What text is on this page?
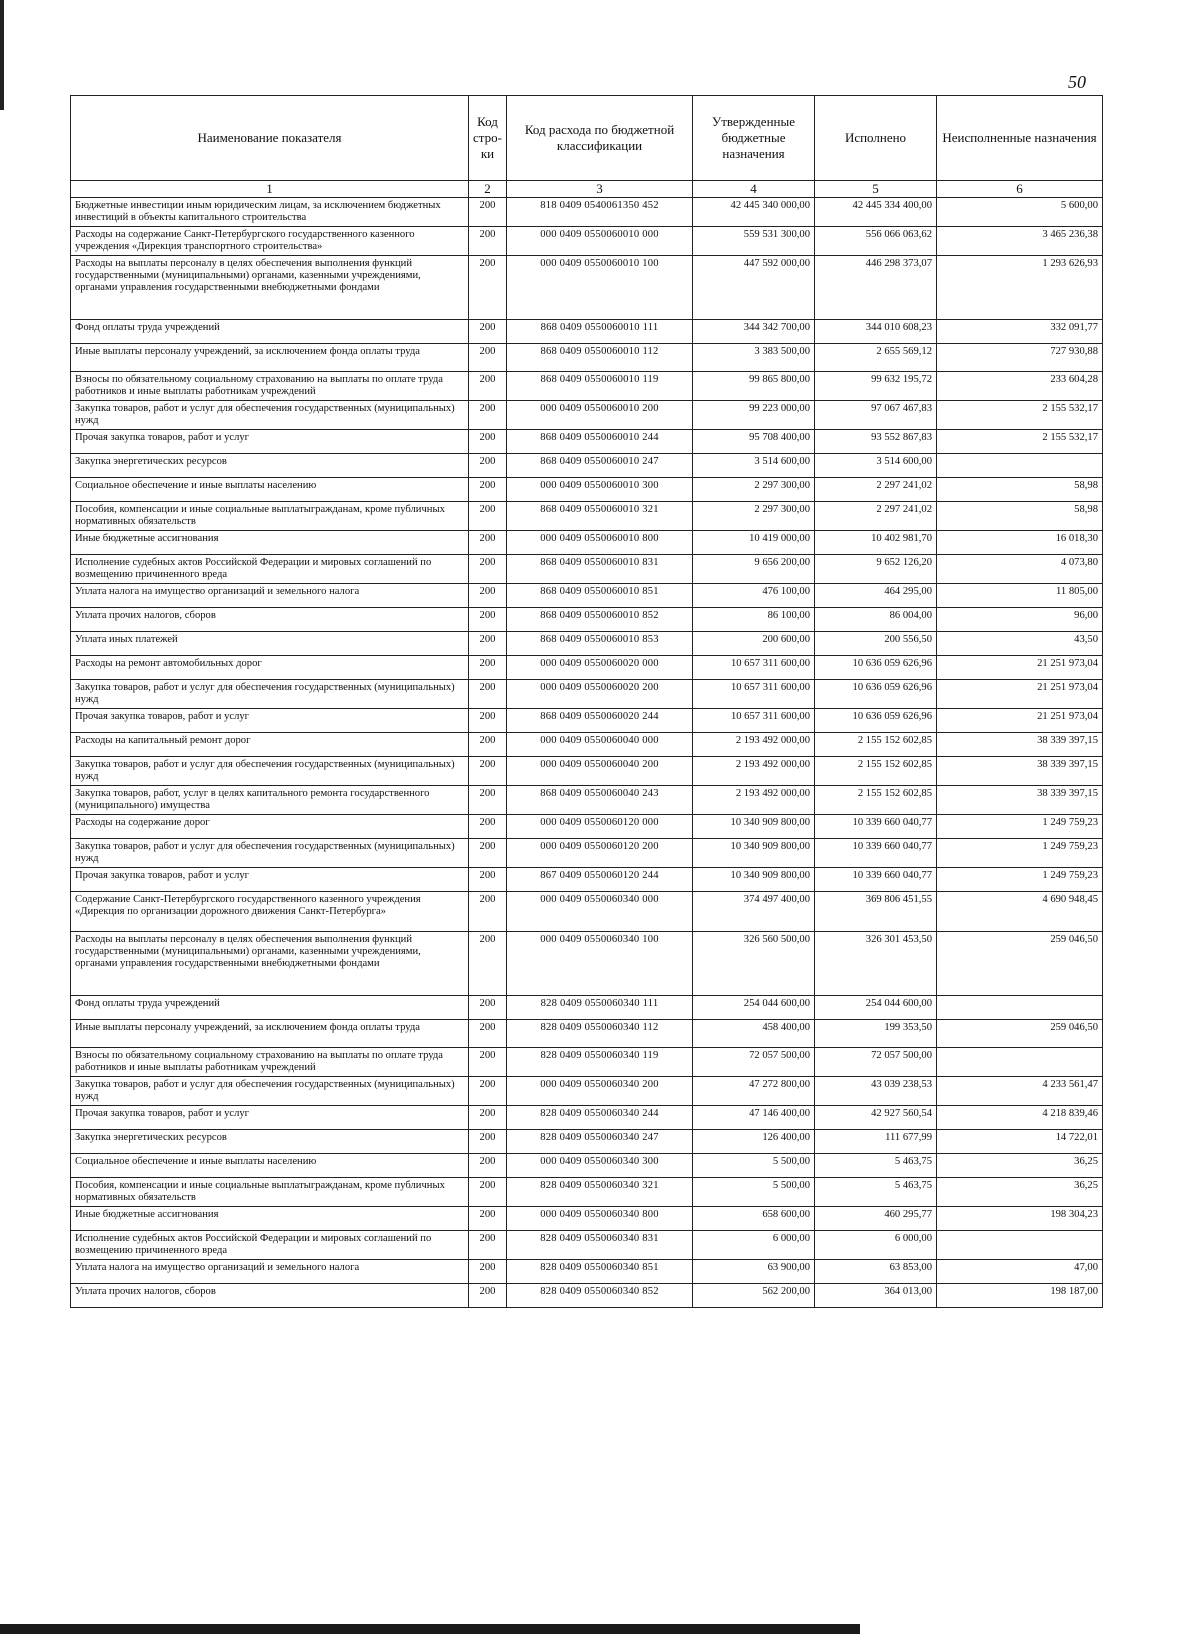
50
Наименование показателя	Код стро-ки	Код расхода по бюджетной классификации	Утвержденные бюджетные назначения	Исполнено	Неисполненные назначения
1	2	3	4	5	6
Бюджетные инвестиции иным юридическим лицам, за исключением бюджетных инвестиций в объекты капитального строительства	200	818 0409 0540061350 452	42 445 340 000,00	42 445 334 400,00	5 600,00
Расходы на содержание Санкт-Петербургского государственного казенного учреждения «Дирекция транспортного строительства»	200	000 0409 0550060010 000	559 531 300,00	556 066 063,62	3 465 236,38
Расходы на выплаты персоналу в целях обеспечения выполнения функций государственными (муниципальными) органами, казенными учреждениями, органами управления государственными внебюджетными фондами	200	000 0409 0550060010 100	447 592 000,00	446 298 373,07	1 293 626,93
Фонд оплаты труда учреждений	200	868 0409 0550060010 111	344 342 700,00	344 010 608,23	332 091,77
Иные выплаты персоналу учреждений, за исключением фонда оплаты труда	200	868 0409 0550060010 112	3 383 500,00	2 655 569,12	727 930,88
Взносы по обязательному социальному страхованию на выплаты по оплате труда работников и иные выплаты работникам учреждений	200	868 0409 0550060010 119	99 865 800,00	99 632 195,72	233 604,28
Закупка товаров, работ и услуг для обеспечения государственных (муниципальных) нужд	200	000 0409 0550060010 200	99 223 000,00	97 067 467,83	2 155 532,17
Прочая закупка товаров, работ и услуг	200	868 0409 0550060010 244	95 708 400,00	93 552 867,83	2 155 532,17
Закупка энергетических ресурсов	200	868 0409 0550060010 247	3 514 600,00	3 514 600,00	
Социальное обеспечение и иные выплаты населению	200	000 0409 0550060010 300	2 297 300,00	2 297 241,02	58,98
Пособия, компенсации и иные социальные выплатыгражданам, кроме публичных нормативных обязательств	200	868 0409 0550060010 321	2 297 300,00	2 297 241,02	58,98
Иные бюджетные ассигнования	200	000 0409 0550060010 800	10 419 000,00	10 402 981,70	16 018,30
Исполнение судебных актов Российской Федерации и мировых соглашений по возмещению причиненного вреда	200	868 0409 0550060010 831	9 656 200,00	9 652 126,20	4 073,80
Уплата налога на имущество организаций и земельного налога	200	868 0409 0550060010 851	476 100,00	464 295,00	11 805,00
Уплата прочих налогов, сборов	200	868 0409 0550060010 852	86 100,00	86 004,00	96,00
Уплата иных платежей	200	868 0409 0550060010 853	200 600,00	200 556,50	43,50
Расходы на ремонт автомобильных дорог	200	000 0409 0550060020 000	10 657 311 600,00	10 636 059 626,96	21 251 973,04
Закупка товаров, работ и услуг для обеспечения государственных (муниципальных) нужд	200	000 0409 0550060020 200	10 657 311 600,00	10 636 059 626,96	21 251 973,04
Прочая закупка товаров, работ и услуг	200	868 0409 0550060020 244	10 657 311 600,00	10 636 059 626,96	21 251 973,04
Расходы на капитальный ремонт дорог	200	000 0409 0550060040 000	2 193 492 000,00	2 155 152 602,85	38 339 397,15
Закупка товаров, работ и услуг для обеспечения государственных (муниципальных) нужд	200	000 0409 0550060040 200	2 193 492 000,00	2 155 152 602,85	38 339 397,15
Закупка товаров, работ, услуг в целях капитального ремонта государственного (муниципального) имущества	200	868 0409 0550060040 243	2 193 492 000,00	2 155 152 602,85	38 339 397,15
Расходы на содержание дорог	200	000 0409 0550060120 000	10 340 909 800,00	10 339 660 040,77	1 249 759,23
Закупка товаров, работ и услуг для обеспечения государственных (муниципальных) нужд	200	000 0409 0550060120 200	10 340 909 800,00	10 339 660 040,77	1 249 759,23
Прочая закупка товаров, работ и услуг	200	867 0409 0550060120 244	10 340 909 800,00	10 339 660 040,77	1 249 759,23
Содержание Санкт-Петербургского государственного казенного учреждения «Дирекция по организации дорожного движения Санкт-Петербурга»	200	000 0409 0550060340 000	374 497 400,00	369 806 451,55	4 690 948,45
Расходы на выплаты персоналу в целях обеспечения выполнения функций государственными (муниципальными) органами, казенными учреждениями, органами управления государственными внебюджетными фондами	200	000 0409 0550060340 100	326 560 500,00	326 301 453,50	259 046,50
Фонд оплаты труда учреждений	200	828 0409 0550060340 111	254 044 600,00	254 044 600,00	
Иные выплаты персоналу учреждений, за исключением фонда оплаты труда	200	828 0409 0550060340 112	458 400,00	199 353,50	259 046,50
Взносы по обязательному социальному страхованию на выплаты по оплате труда работников и иные выплаты работникам учреждений	200	828 0409 0550060340 119	72 057 500,00	72 057 500,00	
Закупка товаров, работ и услуг для обеспечения государственных (муниципальных) нужд	200	000 0409 0550060340 200	47 272 800,00	43 039 238,53	4 233 561,47
Прочая закупка товаров, работ и услуг	200	828 0409 0550060340 244	47 146 400,00	42 927 560,54	4 218 839,46
Закупка энергетических ресурсов	200	828 0409 0550060340 247	126 400,00	111 677,99	14 722,01
Социальное обеспечение и иные выплаты населению	200	000 0409 0550060340 300	5 500,00	5 463,75	36,25
Пособия, компенсации и иные социальные выплатыгражданам, кроме публичных нормативных обязательств	200	828 0409 0550060340 321	5 500,00	5 463,75	36,25
Иные бюджетные ассигнования	200	000 0409 0550060340 800	658 600,00	460 295,77	198 304,23
Исполнение судебных актов Российской Федерации и мировых соглашений по возмещению причиненного вреда	200	828 0409 0550060340 831	6 000,00	6 000,00	
Уплата налога на имущество организаций и земельного налога	200	828 0409 0550060340 851	63 900,00	63 853,00	47,00
Уплата прочих налогов, сборов	200	828 0409 0550060340 852	562 200,00	364 013,00	198 187,00
